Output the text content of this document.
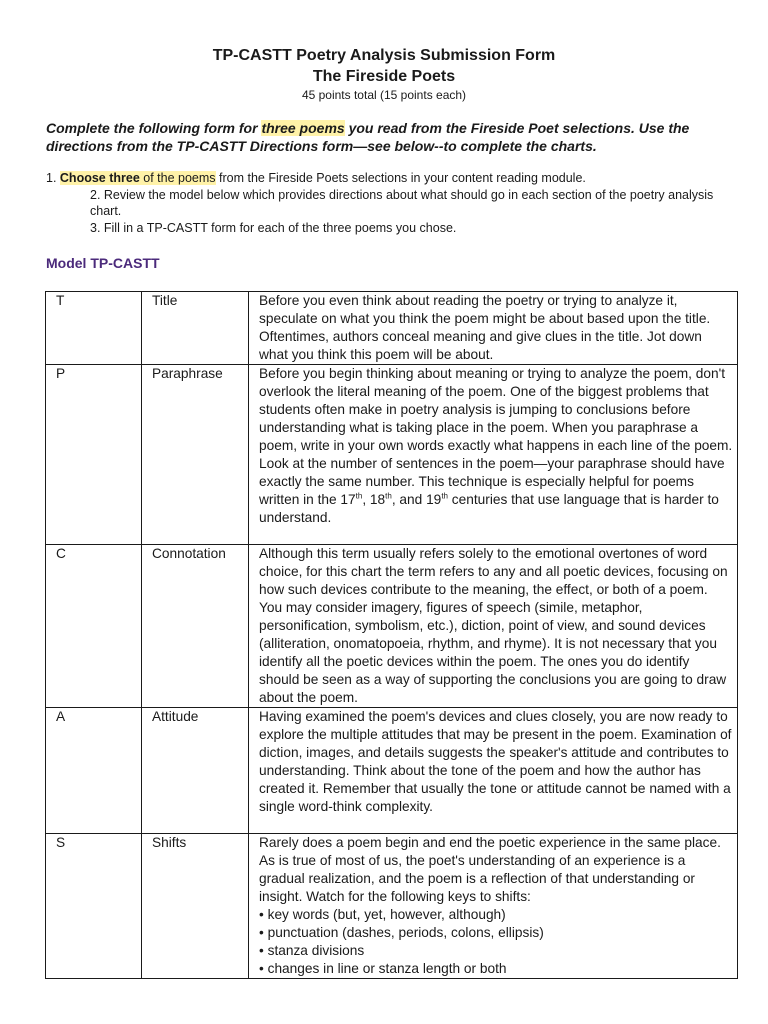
TP-CASTT Poetry Analysis Submission Form
The Fireside Poets
45 points total (15 points each)
Complete the following form for three poems you read from the Fireside Poet selections. Use the directions from the TP-CASTT Directions form—see below--to complete the charts.
1. Choose three of the poems from the Fireside Poets selections in your content reading module.
2. Review the model below which provides directions about what should go in each section of the poetry analysis chart.
3. Fill in a TP-CASTT form for each of the three poems you chose.
Model TP-CASTT
T	Title	Before you even think about reading the poetry or trying to analyze it, speculate on what you think the poem might be about based upon the title. Oftentimes, authors conceal meaning and give clues in the title. Jot down what you think this poem will be about.
P	Paraphrase	Before you begin thinking about meaning or trying to analyze the poem, don't overlook the literal meaning of the poem. One of the biggest problems that students often make in poetry analysis is jumping to conclusions before understanding what is taking place in the poem. When you paraphrase a poem, write in your own words exactly what happens in each line of the poem. Look at the number of sentences in the poem—your paraphrase should have exactly the same number. This technique is especially helpful for poems written in the 17th, 18th, and 19th centuries that use language that is harder to understand.
C	Connotation	Although this term usually refers solely to the emotional overtones of word choice, for this chart the term refers to any and all poetic devices, focusing on how such devices contribute to the meaning, the effect, or both of a poem. You may consider imagery, figures of speech (simile, metaphor, personification, symbolism, etc.), diction, point of view, and sound devices (alliteration, onomatopoeia, rhythm, and rhyme). It is not necessary that you identify all the poetic devices within the poem. The ones you do identify should be seen as a way of supporting the conclusions you are going to draw about the poem.
A	Attitude	Having examined the poem's devices and clues closely, you are now ready to explore the multiple attitudes that may be present in the poem. Examination of diction, images, and details suggests the speaker's attitude and contributes to understanding. Think about the tone of the poem and how the author has created it. Remember that usually the tone or attitude cannot be named with a single word-think complexity.
S	Shifts	Rarely does a poem begin and end the poetic experience in the same place. As is true of most of us, the poet's understanding of an experience is a gradual realization, and the poem is a reflection of that understanding or insight. Watch for the following keys to shifts:
• key words (but, yet, however, although)
• punctuation (dashes, periods, colons, ellipsis)
• stanza divisions
• changes in line or stanza length or both
